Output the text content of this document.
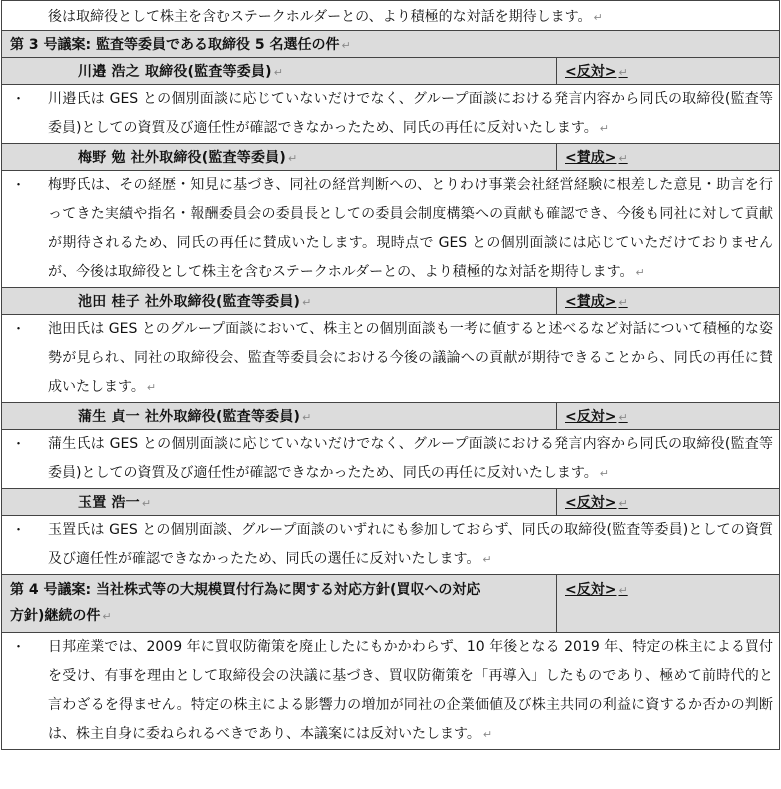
後は取締役として株主を含むステークホルダーとの、より積極的な対話を期待します。 ↵	
第 3 号議案: 監査等委員である取締役 5 名選任の件 ↵	
川邉 浩之 取締役(監査等委員) ↵	<反対> ↵

・ 川邉氏は GES との個別面談に応じていないだけでなく、グループ面談における発言内容から同氏の取締役(監査等委員)としての資質及び適任性が確認できなかったため、同氏の再任に反対いたします。 ↵	

梅野 勉 社外取締役(監査等委員) ↵	<賛成> ↵

・ 梅野氏は、その経歴・知見に基づき、同社の経営判断への、とりわけ事業会社経営経験に根差した意見・助言を行ってきた実績や指名・報酬委員会の委員長としての委員会制度構築への貢献も確認でき、今後も同社に対して貢献が期待されるため、同氏の再任に賛成いたします。現時点で GES との個別面談には応じていただけておりませんが、今後は取締役として株主を含むステークホルダーとの、より積極的な対話を期待します。 ↵	

池田 桂子 社外取締役(監査等委員) ↵	<賛成> ↵

・ 池田氏は GES とのグループ面談において、株主との個別面談も一考に値すると述べるなど対話について積極的な姿勢が見られ、同社の取締役会、監査等委員会における今後の議論への貢献が期待できることから、同氏の再任に賛成いたします。 ↵	

蒲生 貞一 社外取締役(監査等委員) ↵	<反対> ↵

・ 蒲生氏は GES との個別面談に応じていないだけでなく、グループ面談における発言内容から同氏の取締役(監査等委員)としての資質及び適任性が確認できなかったため、同氏の再任に反対いたします。 ↵	

玉置 浩一 ↵	<反対> ↵

・ 玉置氏は GES との個別面談、グループ面談のいずれにも参加しておらず、同氏の取締役(監査等委員)としての資質及び適任性が確認できなかったため、同氏の選任に反対いたします。 ↵	

第 4 号議案: 当社株式等の大規模買付行為に関する対応方針(買収への対応
方針)継続の件 ↵	<反対> ↵

・ 日邦産業では、2009 年に買収防衛策を廃止したにもかかわらず、10 年後となる 2019 年、特定の株主による買付を受け、有事を理由として取締役会の決議に基づき、買収防衛策を「再導入」したものであり、極めて前時代的と言わざるを得ません。特定の株主による影響力の増加が同社の企業価値及び株主共同の利益に資するか否かの判断は、株主自身に委ねられるべきであり、本議案には反対いたします。 ↵	
